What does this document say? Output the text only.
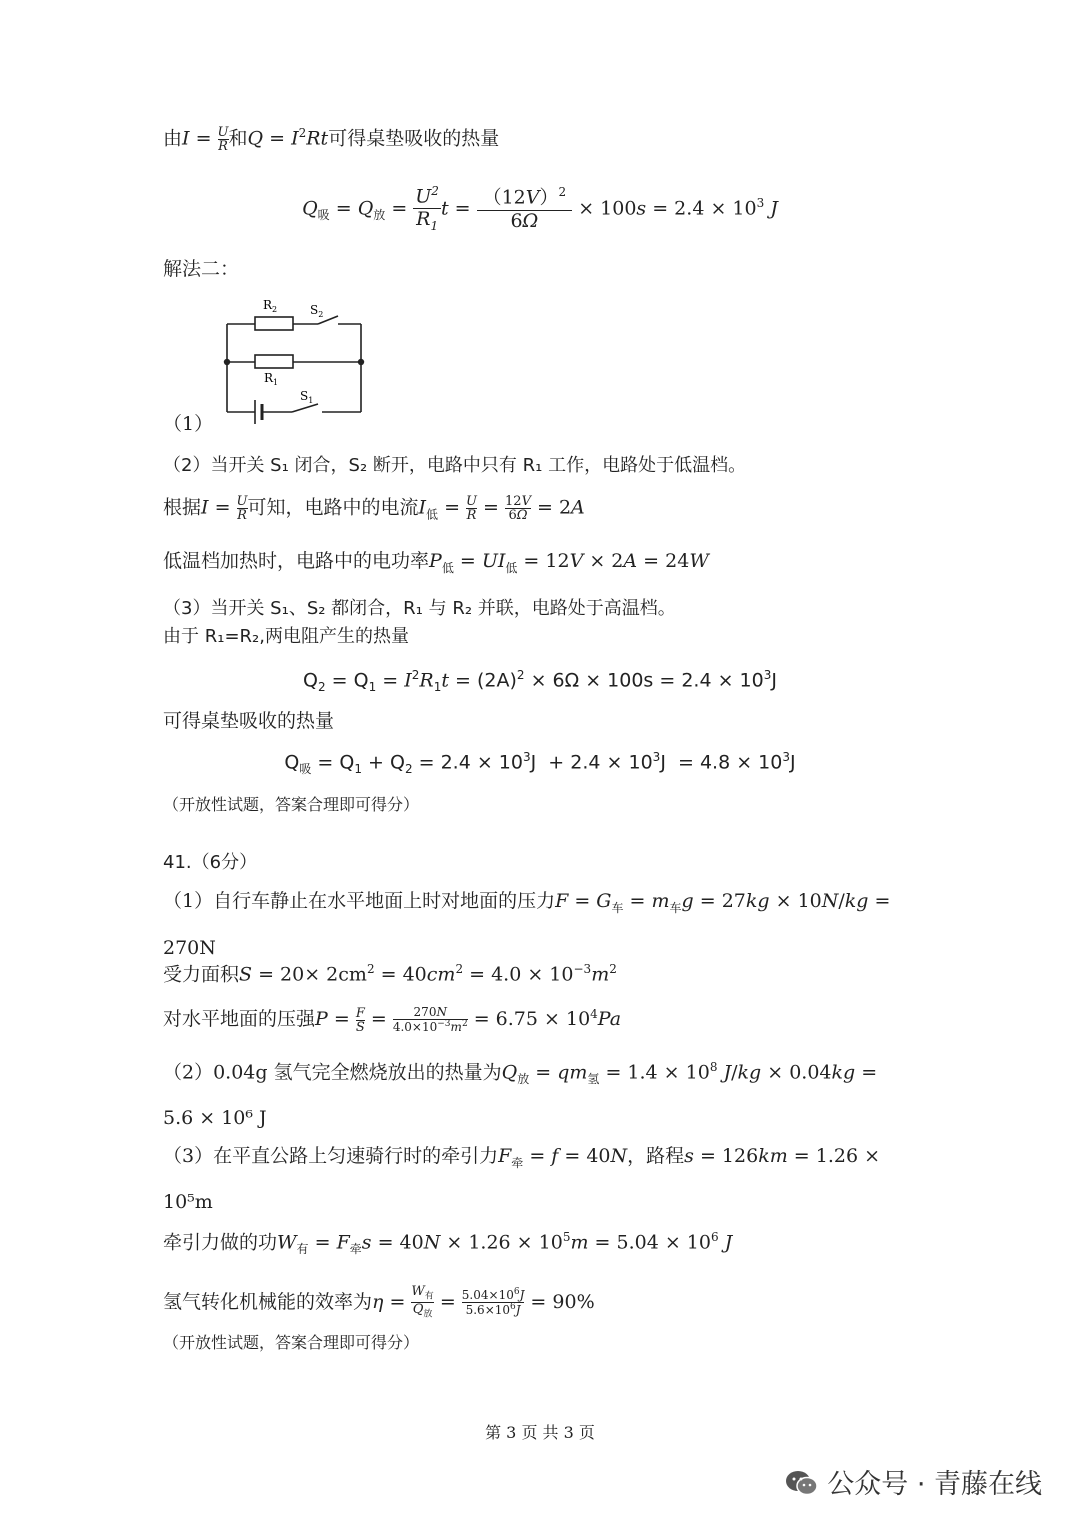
由$I = \frac{U}{R}$ 和$Q = I^2Rt$可得桌垫吸收的热量
$Q_吸 = Q_放 = \frac{U^2}{R_1}$ $t = \frac{(12V)^2}{6\Omega} \times 100s = 2.4 \times 10^3$ J
解法二：
$R_2$	$S_2$
$R_1$
$S_1$
（1）
（2）当开关 S₁ 闭合，S₂ 断开，电路中只有 R₁ 工作，电路处于低温档。
根据$I = \frac{U}{R}$ 可知，电路中的电流$I_低 = \frac{U}{R} = \frac{12V}{6\Omega} = 2A$
低温档加热时，电路中的电功率$P_低 = UI_低 = 12V \times 2A = 24W$
（3）当开关 S₁、S₂ 都闭合，R₁ 与 R₂ 并联，电路处于高温档。
由于 R₁=R₂,两电阻产生的热量
$Q_2 = Q_1 = I^2R_1t = (2A)^2 \times 6\Omega \times 100s = 2.4 \times 10^3J$
可得桌垫吸收的热量
$Q_吸 = Q_1 + Q_2 = 2.4 \times 10^3J + 2.4 \times 10^3J = 4.8 \times 10^3J$
（开放性试题，答案合理即可得分）
41.（6分）
（1）自行车静止在水平地面上时对地面的压力$F = G_车 = m_车g = 27kg \times 10N/kg$ =
270N
受力面积$S = 20\times 2cm^2 = 40cm^2 = 4.0 \times 10^{-3}m^2$
对水平地面的压强$P = \frac{F}{S} = \frac{270N}{4.0\times 10^{-3}m^2} = 6.75 \times 10^4Pa$
（2）0.04g 氢气完全燃烧放出的热量为$Q_放 = qm_氢 = 1.4 \times 10^8$ J/kg × 0.04kg =
5.6 × 10⁶ J
（3）在平直公路上匀速骑行时的牵引力$F_牵 = f = 40N$，路程s = 126km = 1.26 ×
10⁵m
牵引力做的功$W_有 = F_牵s = 40N \times 1.26 \times 10^5m = 5.04 \times 10^6$ J
氢气转化机械能的效率为$\eta = W_有$
$Q_放$
= $\frac{5.04\times 10^6J}{5.6\times 10^6J} = 90\%$
（开放性试题，答案合理即可得分）
第 3 页 共 3 页
公众号 · 青藤在线
